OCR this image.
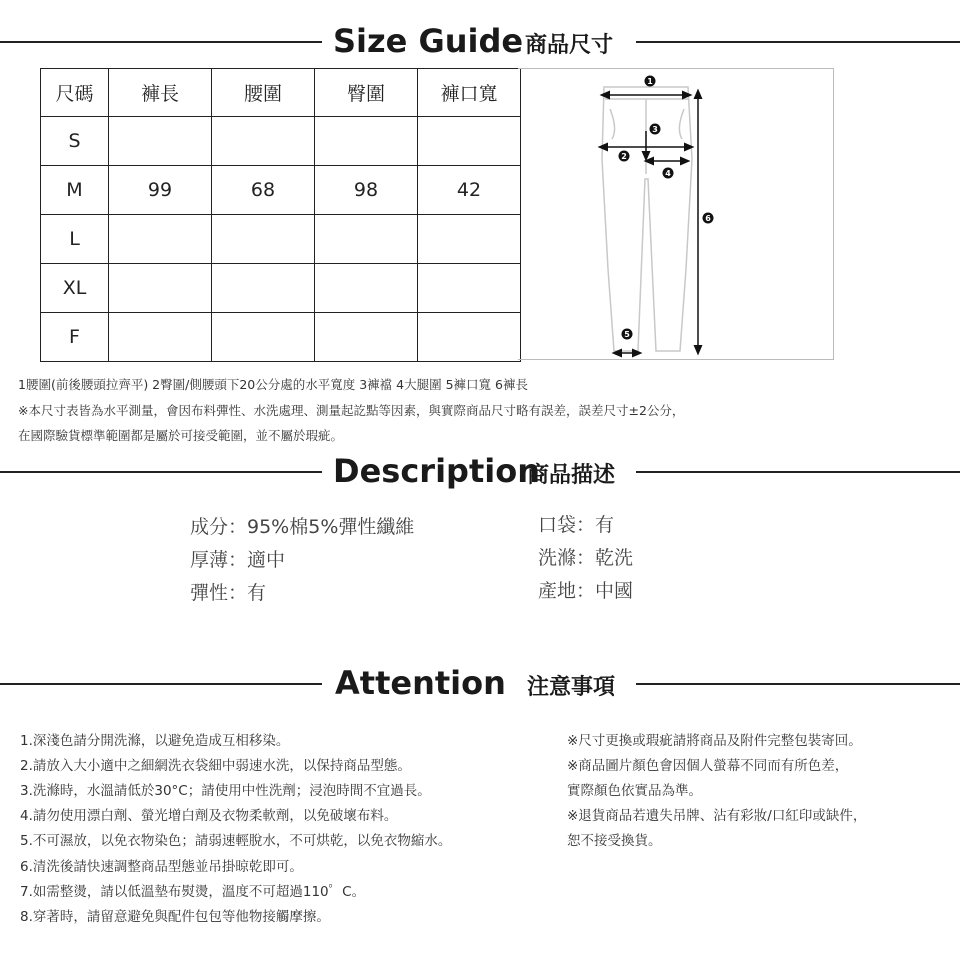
Size Guide 商品尺寸
尺碼	褲長	腰圍	臀圍	褲口寬
S				
M	99	68	98	42
L				
XL				
F				
1
3
2
4
6
5
1腰圍(前後腰頭拉齊平) 2臀圍/側腰頭下20公分處的水平寬度 3褲襠 4大腿圍 5褲口寬 6褲長
※本尺寸表皆為水平測量，會因布料彈性、水洗處理、測量起訖點等因素，與實際商品尺寸略有誤差，誤差尺寸±2公分，
在國際驗貨標準範圍都是屬於可接受範圍，並不屬於瑕疵。
Description
商品描述
成分：95%棉5%彈性纖維
厚薄：適中
彈性：有
口袋：有
洗滌：乾洗
產地：中國
Attention 注意事項
1.深淺色請分開洗滌，以避免造成互相移染。
2.請放入大小適中之細網洗衣袋細中弱速水洗，以保持商品型態。
3.洗滌時，水溫請低於30°C；請使用中性洗劑；浸泡時間不宜過長。
4.請勿使用漂白劑、螢光增白劑及衣物柔軟劑，以免破壞布料。
5.不可濕放，以免衣物染色；請弱速輕脫水，不可烘乾，以免衣物縮水。
6.清洗後請快速調整商品型態並吊掛晾乾即可。
7.如需整燙，請以低溫墊布熨燙，溫度不可超過110゜C。
8.穿著時，請留意避免與配件包包等他物接觸摩擦。
※尺寸更換或瑕疵請將商品及附件完整包裝寄回。
※商品圖片顏色會因個人螢幕不同而有所色差，
實際顏色依實品為準。
※退貨商品若遺失吊牌、沾有彩妝/口紅印或缺件，
恕不接受換貨。
